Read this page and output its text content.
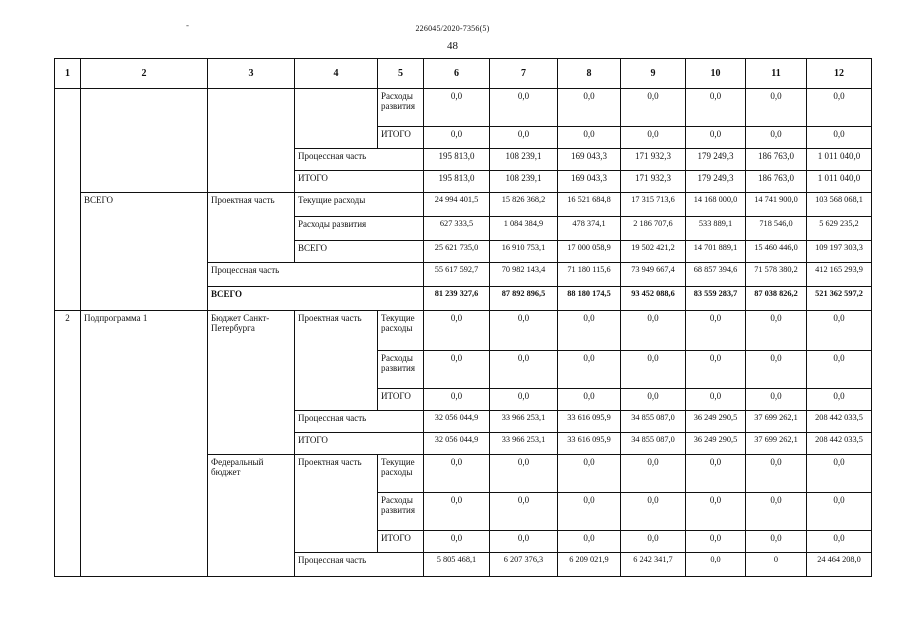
226045/2020-7356(5)
48
-
1	2	3	4	5	6	7	8	9	10	11	12
				Расходы развития	0,0	0,0	0,0	0,0	0,0	0,0	0,0
				ИТОГО	0,0	0,0	0,0	0,0	0,0	0,0	0,0
			Процессная часть		195 813,0	108 239,1	169 043,3	171 932,3	179 249,3	186 763,0	1 011 040,0
			ИТОГО		195 813,0	108 239,1	169 043,3	171 932,3	179 249,3	186 763,0	1 011 040,0
	ВСЕГО	Проектная часть	Текущие расходы		24 994 401,5	15 826 368,2	16 521 684,8	17 315 713,6	14 168 000,0	14 741 900,0	103 568 068,1
			Расходы развития		627 333,5	1 084 384,9	478 374,1	2 186 707,6	533 889,1	718 546,0	5 629 235,2
			ВСЕГО		25 621 735,0	16 910 753,1	17 000 058,9	19 502 421,2	14 701 889,1	15 460 446,0	109 197 303,3
		Процессная часть			55 617 592,7	70 982 143,4	71 180 115,6	73 949 667,4	68 857 394,6	71 578 380,2	412 165 293,9
		ВСЕГО			81 239 327,6	87 892 896,5	88 180 174,5	93 452 088,6	83 559 283,7	87 038 826,2	521 362 597,2
2	Подпрограмма 1	Бюджет Санкт-Петербурга	Проектная часть	Текущие расходы	0,0	0,0	0,0	0,0	0,0	0,0	0,0
				Расходы развития	0,0	0,0	0,0	0,0	0,0	0,0	0,0
				ИТОГО	0,0	0,0	0,0	0,0	0,0	0,0	0,0
			Процессная часть		32 056 044,9	33 966 253,1	33 616 095,9	34 855 087,0	36 249 290,5	37 699 262,1	208 442 033,5
			ИТОГО		32 056 044,9	33 966 253,1	33 616 095,9	34 855 087,0	36 249 290,5	37 699 262,1	208 442 033,5
		Федеральный бюджет	Проектная часть	Текущие расходы	0,0	0,0	0,0	0,0	0,0	0,0	0,0
				Расходы развития	0,0	0,0	0,0	0,0	0,0	0,0	0,0
				ИТОГО	0,0	0,0	0,0	0,0	0,0	0,0	0,0
			Процессная часть		5 805 468,1	6 207 376,3	6 209 021,9	6 242 341,7	0,0	0	24 464 208,0
